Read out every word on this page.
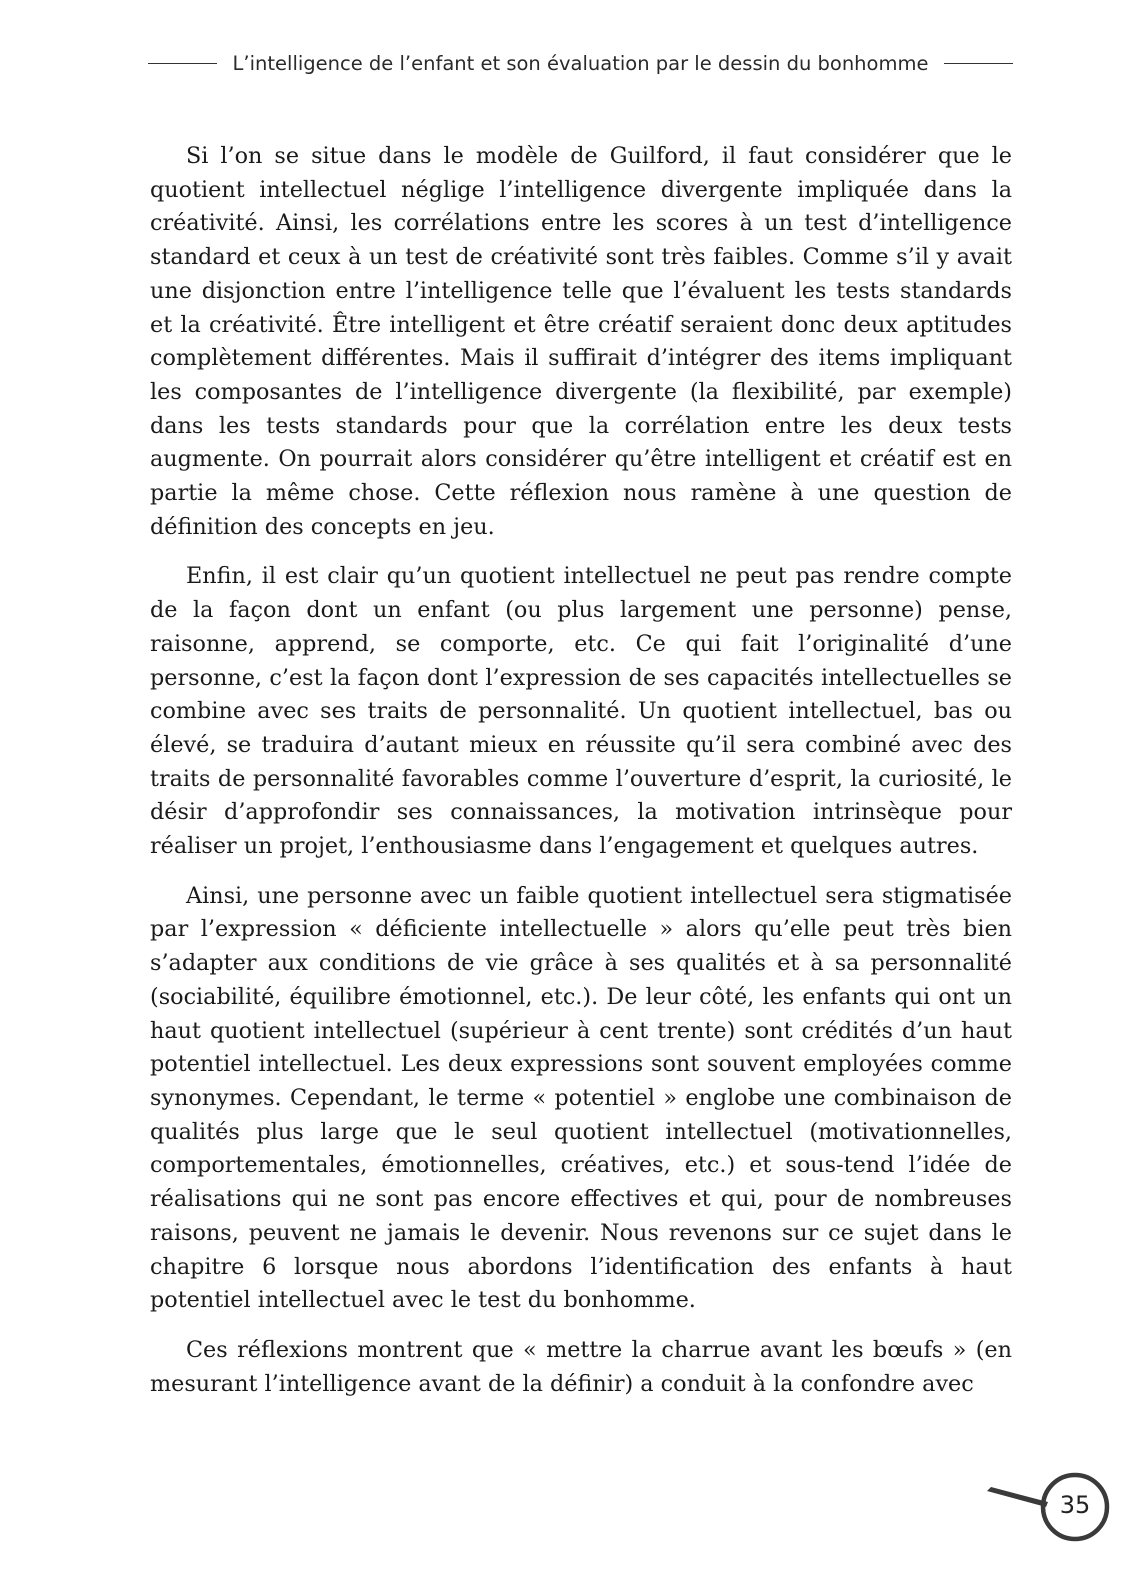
L’intelligence de l’enfant et son évaluation par le dessin du bonhomme

Si l’on se situe dans le modèle de Guilford, il faut considérer que le quotient intellectuel néglige l’intelligence divergente impliquée dans la créativité. Ainsi, les corrélations entre les scores à un test d’intelligence standard et ceux à un test de créativité sont très faibles. Comme s’il y avait une disjonction entre l’intelligence telle que l’évaluent les tests standards et la créativité. Être intelligent et être créatif seraient donc deux aptitudes complètement différentes. Mais il suffirait d’intégrer des items impliquant les composantes de l’intelligence divergente (la flexibilité, par exemple) dans les tests standards pour que la corrélation entre les deux tests augmente. On pourrait alors considérer qu’être intelligent et créatif est en partie la même chose. Cette réflexion nous ramène à une question de définition des concepts en jeu.

Enfin, il est clair qu’un quotient intellectuel ne peut pas rendre compte de la façon dont un enfant (ou plus largement une personne) pense, raisonne, apprend, se comporte, etc. Ce qui fait l’originalité d’une personne, c’est la façon dont l’expression de ses capacités intellectuelles se combine avec ses traits de personnalité. Un quotient intellectuel, bas ou élevé, se traduira d’autant mieux en réussite qu’il sera combiné avec des traits de personnalité favorables comme l’ouverture d’esprit, la curiosité, le désir d’approfondir ses connaissances, la motivation intrinsèque pour réaliser un projet, l’enthousiasme dans l’engagement et quelques autres.

Ainsi, une personne avec un faible quotient intellectuel sera stigmatisée par l’expression « déficiente intellectuelle » alors qu’elle peut très bien s’adapter aux conditions de vie grâce à ses qualités et à sa personnalité (sociabilité, équilibre émotionnel, etc.). De leur côté, les enfants qui ont un haut quotient intellectuel (supérieur à cent trente) sont crédités d’un haut potentiel intellectuel. Les deux expressions sont souvent employées comme synonymes. Cependant, le terme « potentiel » englobe une combinaison de qualités plus large que le seul quotient intellectuel (motivationnelles, comportementales, émotionnelles, créatives, etc.) et sous-tend l’idée de réalisations qui ne sont pas encore effectives et qui, pour de nombreuses raisons, peuvent ne jamais le devenir. Nous revenons sur ce sujet dans le chapitre 6 lorsque nous abordons l’identification des enfants à haut potentiel intellectuel avec le test du bonhomme.

Ces réflexions montrent que « mettre la charrue avant les bœufs » (en mesurant l’intelligence avant de la définir) a conduit à la confondre avec

35
